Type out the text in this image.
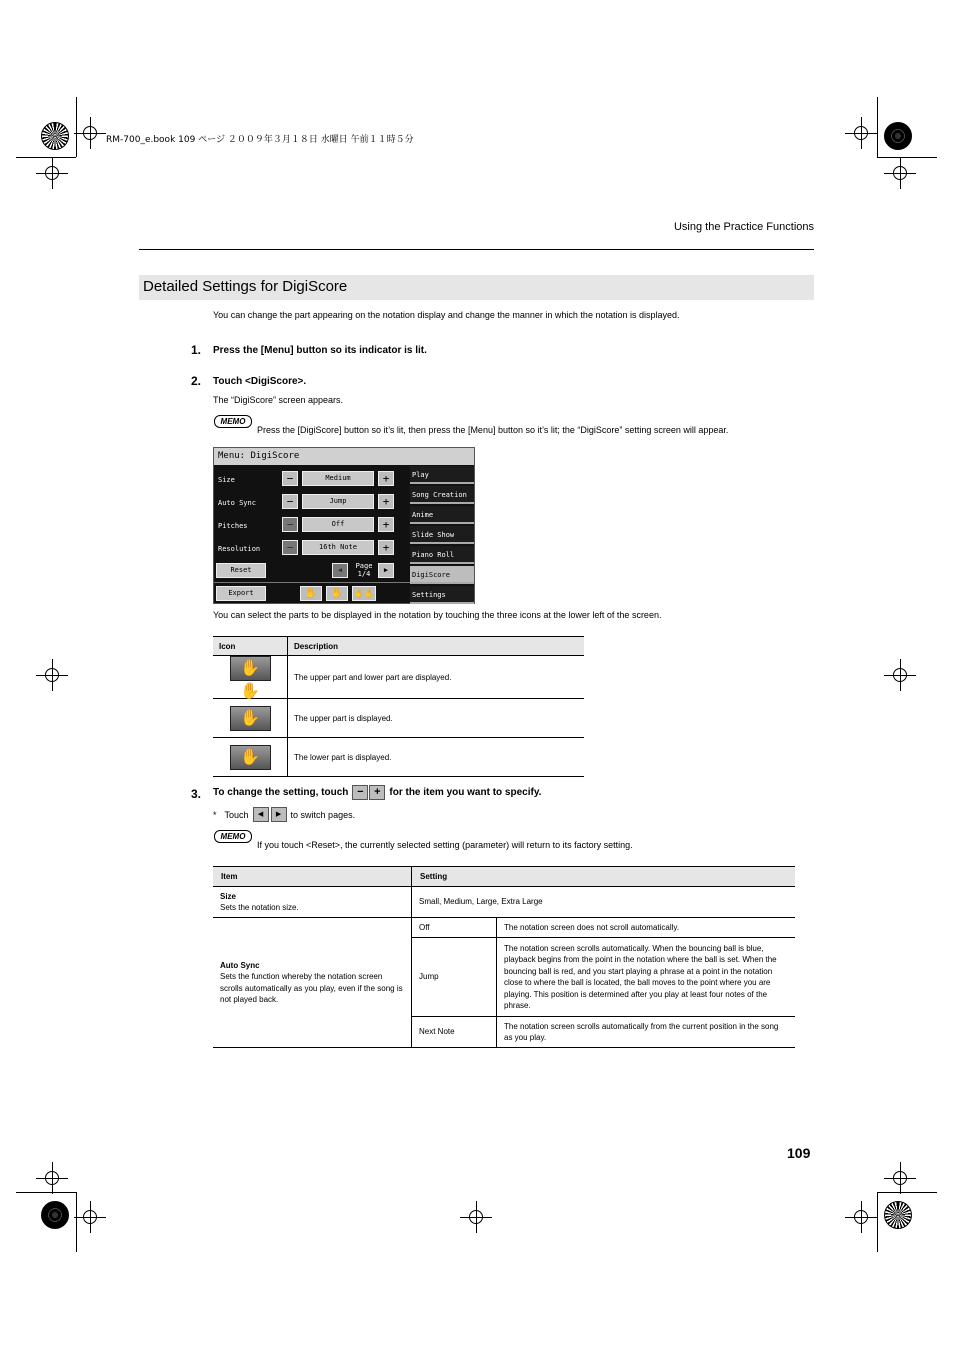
RM-700_e.book 109 ページ ２００９年３月１８日 水曜日 午前１１時５分
Using the Practice Functions
Detailed Settings for DigiScore
You can change the part appearing on the notation display and change the manner in which the notation is displayed.
1. Press the [Menu] button so its indicator is lit.
2. Touch <DigiScore>.
The “DigiScore” screen appears.
MEMO
Press the [DigiScore] button so it’s lit, then press the [Menu] button so it’s lit; the “DigiScore” setting screen will appear.
Menu: DigiScore
Size	−	Medium	+
Auto Sync	−	Jump	+
Pitches	−	Off	+
Resolution	−	16th Note	+
Reset	◀	Page
1/4	▶
Export	✋	✋	✋✋
Play
Song Creation
Anime
Slide Show
Piano Roll
DigiScore
Settings
You can select the parts to be displayed in the notation by touching the three icons at the lower left of the screen.
Icon	Description
✋✋	The upper part and lower part are displayed.
✋	The upper part is displayed.
✋	The lower part is displayed.
3. To change the setting, touch − + for the item you want to specify.
* Touch	◀	▶	to switch pages.
MEMO
If you touch <Reset>, the currently selected setting (parameter) will return to its factory setting.
Item	Setting	
Size
Sets the notation size.	Small, Medium, Large, Extra Large	
Auto Sync
Sets the function whereby the notation screen scrolls automatically as you play, even if the song is not played back.	Off	The notation screen does not scroll automatically.
	Jump	The notation screen scrolls automatically. When the bouncing ball is blue, playback begins from the point in the notation where the ball is set. When the bouncing ball is red, and you start playing a phrase at a point in the notation close to where the ball is located, the ball moves to the point where you are playing. This position is determined after you play at least four notes of the phrase.
	Next Note	The notation screen scrolls automatically from the current position in the song as you play.
109
